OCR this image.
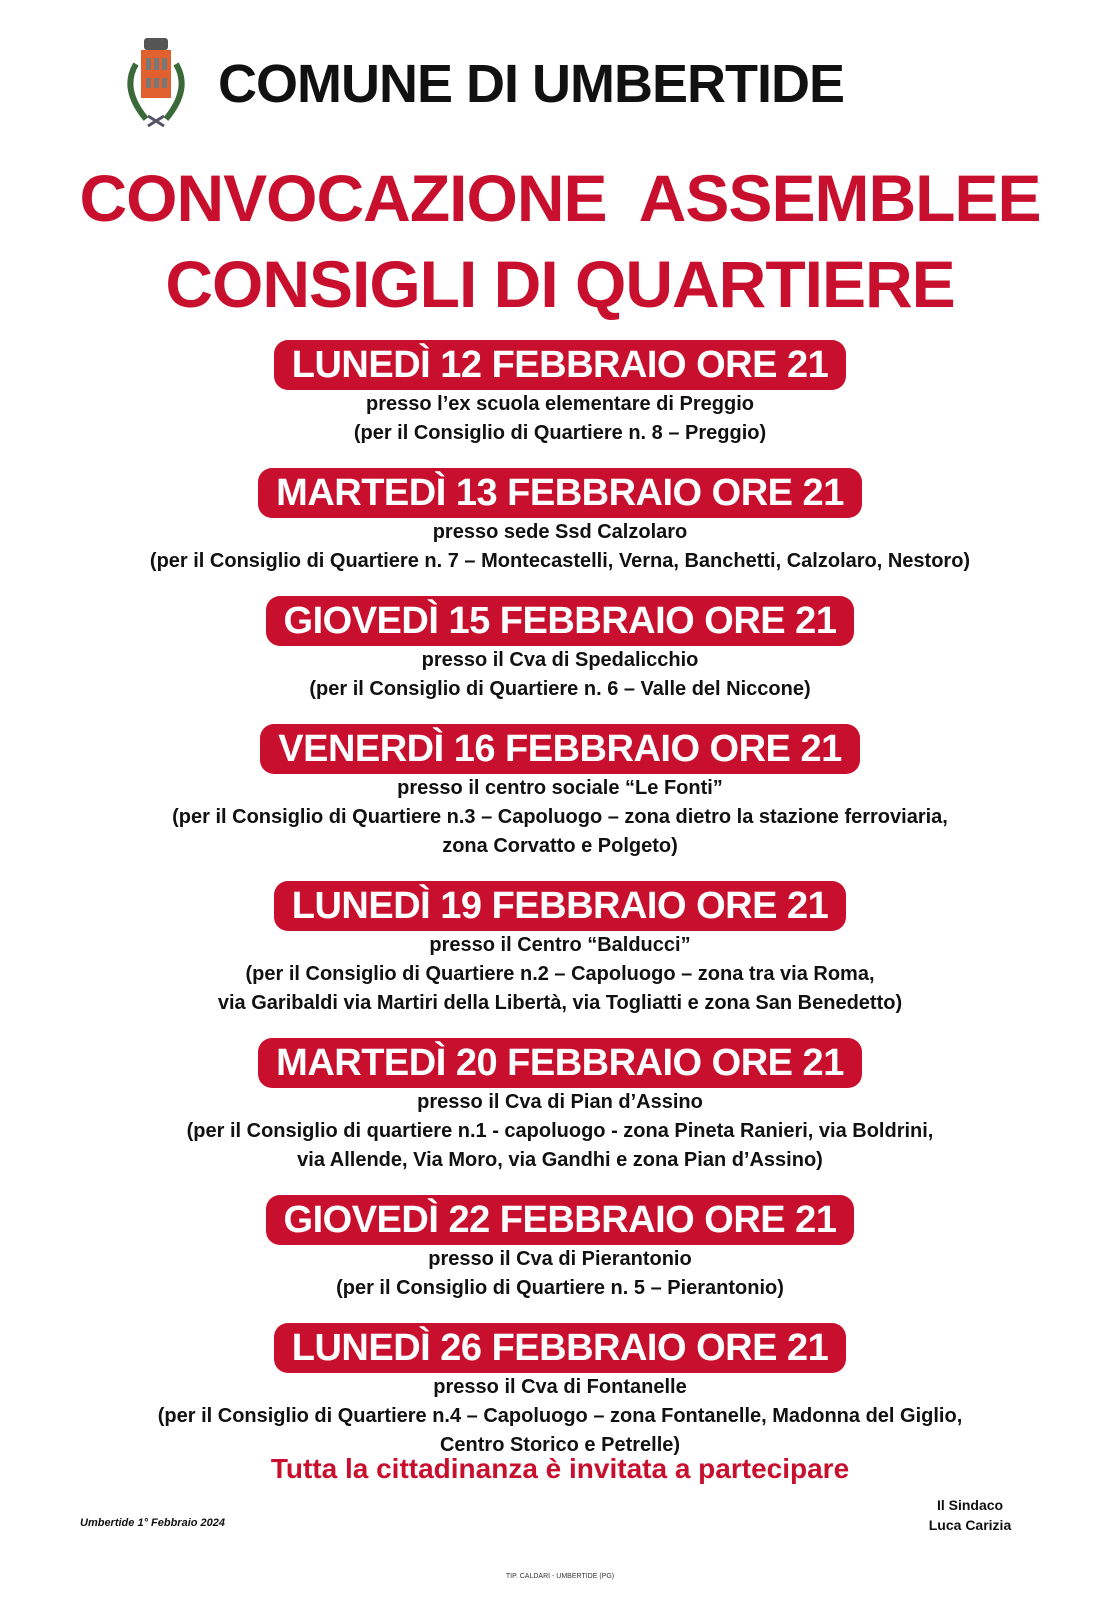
COMUNE DI UMBERTIDE
CONVOCAZIONE  ASSEMBLEE
CONSIGLI DI QUARTIERE
LUNEDÌ 12 FEBBRAIO ORE 21
presso l’ex scuola elementare di Preggio
(per il Consiglio di Quartiere n. 8 – Preggio)
MARTEDÌ 13 FEBBRAIO ORE 21
presso sede Ssd Calzolaro
(per il Consiglio di Quartiere n. 7 – Montecastelli, Verna, Banchetti, Calzolaro, Nestoro)
GIOVEDÌ 15 FEBBRAIO ORE 21
presso il Cva di Spedalicchio
(per il Consiglio di Quartiere n. 6 – Valle del Niccone)
VENERDÌ 16 FEBBRAIO ORE 21
presso il centro sociale “Le Fonti”
(per il Consiglio di Quartiere n.3 – Capoluogo – zona dietro la stazione ferroviaria,
zona Corvatto e Polgeto)
LUNEDÌ 19 FEBBRAIO ORE 21
presso il Centro “Balducci”
(per il Consiglio di Quartiere n.2 – Capoluogo – zona tra via Roma,
via Garibaldi via Martiri della Libertà, via Togliatti e zona San Benedetto)
MARTEDÌ 20 FEBBRAIO ORE 21
presso il Cva di Pian d’Assino
(per il Consiglio di quartiere n.1 - capoluogo - zona Pineta Ranieri, via Boldrini,
via Allende, Via Moro, via Gandhi e zona Pian d’Assino)
GIOVEDÌ 22 FEBBRAIO ORE 21
presso il Cva di Pierantonio
(per il Consiglio di Quartiere n. 5 – Pierantonio)
LUNEDÌ 26 FEBBRAIO ORE 21
presso il Cva di Fontanelle
(per il Consiglio di Quartiere n.4 – Capoluogo – zona Fontanelle, Madonna del Giglio,
Centro Storico e Petrelle)
Tutta la cittadinanza è invitata a partecipare
Umbertide 1° Febbraio 2024
Il Sindaco
Luca Carizia
TIP. CALDARI - UMBERTIDE (PG)
